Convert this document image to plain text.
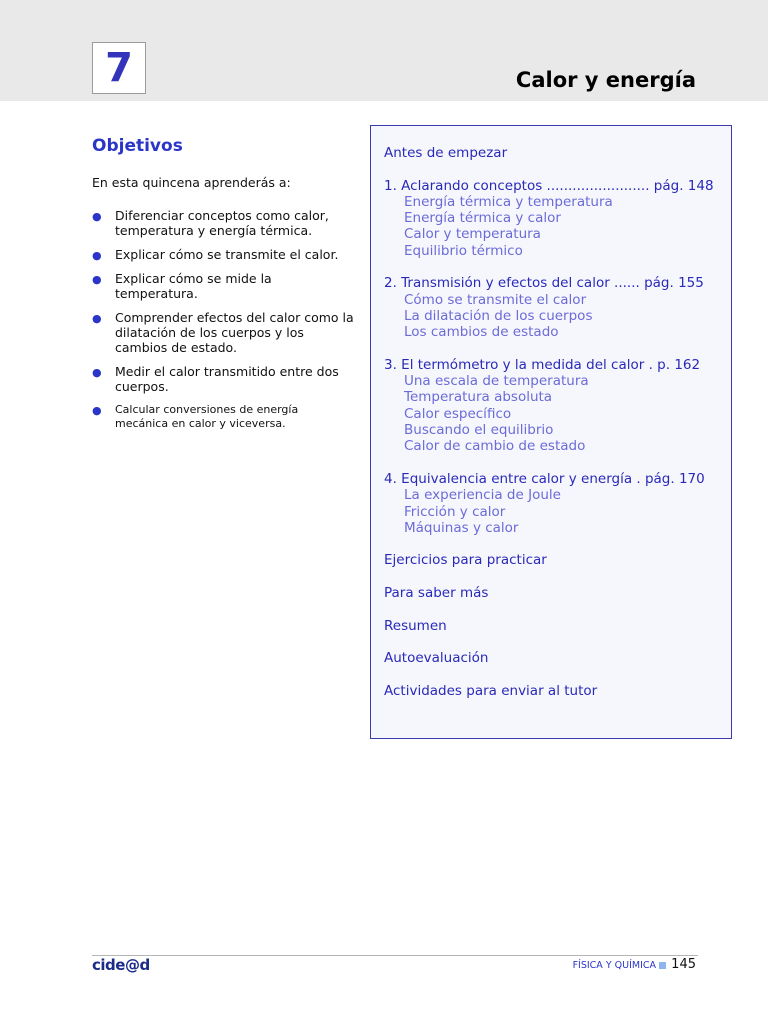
7	Calor y energía
Objetivos
En esta quincena aprenderás a:
● Diferenciar conceptos como calor, temperatura y energía térmica.
● Explicar cómo se transmite el calor.
● Explicar cómo se mide la temperatura.
● Comprender efectos del calor como la dilatación de los cuerpos y los cambios de estado.
● Medir el calor transmitido entre dos cuerpos.
● Calcular conversiones de energía mecánica en calor y viceversa.
Antes de empezar
1. Aclarando conceptos ........................ pág. 148
Energía térmica y temperatura
Energía térmica y calor
Calor y temperatura
Equilibrio térmico
2. Transmisión y efectos del calor ...... pág. 155
Cómo se transmite el calor
La dilatación de los cuerpos
Los cambios de estado
3. El termómetro y la medida del calor . p. 162
Una escala de temperatura
Temperatura absoluta
Calor específico
Buscando el equilibrio
Calor de cambio de estado
4. Equivalencia entre calor y energía . pág. 170
La experiencia de Joule
Fricción y calor
Máquinas y calor
Ejercicios para practicar
Para saber más
Resumen
Autoevaluación
Actividades para enviar al tutor
cide@d	FÍSICA Y QUÍMICA 145
